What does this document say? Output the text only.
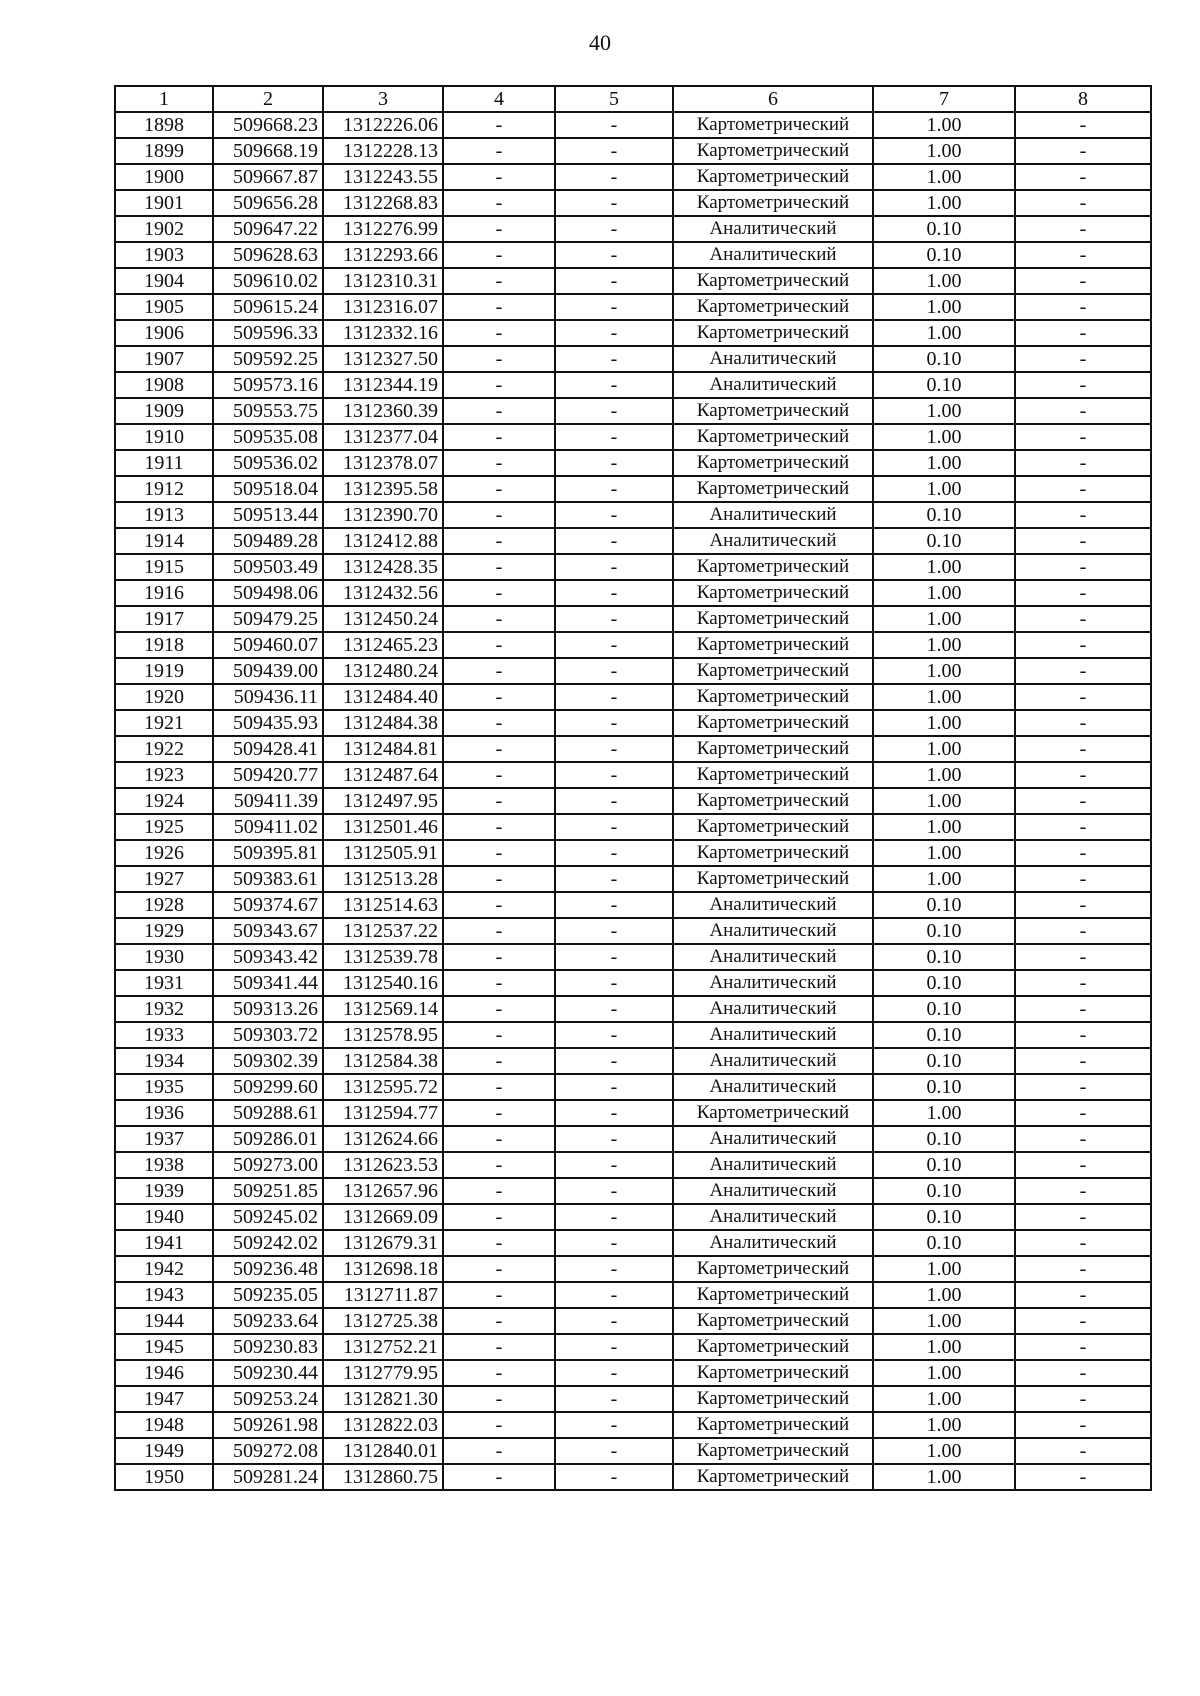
40
1	2	3	4	5	6	7	8
1898	509668.23	1312226.06	-	-	Картометрический	1.00	-
1899	509668.19	1312228.13	-	-	Картометрический	1.00	-
1900	509667.87	1312243.55	-	-	Картометрический	1.00	-
1901	509656.28	1312268.83	-	-	Картометрический	1.00	-
1902	509647.22	1312276.99	-	-	Аналитический	0.10	-
1903	509628.63	1312293.66	-	-	Аналитический	0.10	-
1904	509610.02	1312310.31	-	-	Картометрический	1.00	-
1905	509615.24	1312316.07	-	-	Картометрический	1.00	-
1906	509596.33	1312332.16	-	-	Картометрический	1.00	-
1907	509592.25	1312327.50	-	-	Аналитический	0.10	-
1908	509573.16	1312344.19	-	-	Аналитический	0.10	-
1909	509553.75	1312360.39	-	-	Картометрический	1.00	-
1910	509535.08	1312377.04	-	-	Картометрический	1.00	-
1911	509536.02	1312378.07	-	-	Картометрический	1.00	-
1912	509518.04	1312395.58	-	-	Картометрический	1.00	-
1913	509513.44	1312390.70	-	-	Аналитический	0.10	-
1914	509489.28	1312412.88	-	-	Аналитический	0.10	-
1915	509503.49	1312428.35	-	-	Картометрический	1.00	-
1916	509498.06	1312432.56	-	-	Картометрический	1.00	-
1917	509479.25	1312450.24	-	-	Картометрический	1.00	-
1918	509460.07	1312465.23	-	-	Картометрический	1.00	-
1919	509439.00	1312480.24	-	-	Картометрический	1.00	-
1920	509436.11	1312484.40	-	-	Картометрический	1.00	-
1921	509435.93	1312484.38	-	-	Картометрический	1.00	-
1922	509428.41	1312484.81	-	-	Картометрический	1.00	-
1923	509420.77	1312487.64	-	-	Картометрический	1.00	-
1924	509411.39	1312497.95	-	-	Картометрический	1.00	-
1925	509411.02	1312501.46	-	-	Картометрический	1.00	-
1926	509395.81	1312505.91	-	-	Картометрический	1.00	-
1927	509383.61	1312513.28	-	-	Картометрический	1.00	-
1928	509374.67	1312514.63	-	-	Аналитический	0.10	-
1929	509343.67	1312537.22	-	-	Аналитический	0.10	-
1930	509343.42	1312539.78	-	-	Аналитический	0.10	-
1931	509341.44	1312540.16	-	-	Аналитический	0.10	-
1932	509313.26	1312569.14	-	-	Аналитический	0.10	-
1933	509303.72	1312578.95	-	-	Аналитический	0.10	-
1934	509302.39	1312584.38	-	-	Аналитический	0.10	-
1935	509299.60	1312595.72	-	-	Аналитический	0.10	-
1936	509288.61	1312594.77	-	-	Картометрический	1.00	-
1937	509286.01	1312624.66	-	-	Аналитический	0.10	-
1938	509273.00	1312623.53	-	-	Аналитический	0.10	-
1939	509251.85	1312657.96	-	-	Аналитический	0.10	-
1940	509245.02	1312669.09	-	-	Аналитический	0.10	-
1941	509242.02	1312679.31	-	-	Аналитический	0.10	-
1942	509236.48	1312698.18	-	-	Картометрический	1.00	-
1943	509235.05	1312711.87	-	-	Картометрический	1.00	-
1944	509233.64	1312725.38	-	-	Картометрический	1.00	-
1945	509230.83	1312752.21	-	-	Картометрический	1.00	-
1946	509230.44	1312779.95	-	-	Картометрический	1.00	-
1947	509253.24	1312821.30	-	-	Картометрический	1.00	-
1948	509261.98	1312822.03	-	-	Картометрический	1.00	-
1949	509272.08	1312840.01	-	-	Картометрический	1.00	-
1950	509281.24	1312860.75	-	-	Картометрический	1.00	-
